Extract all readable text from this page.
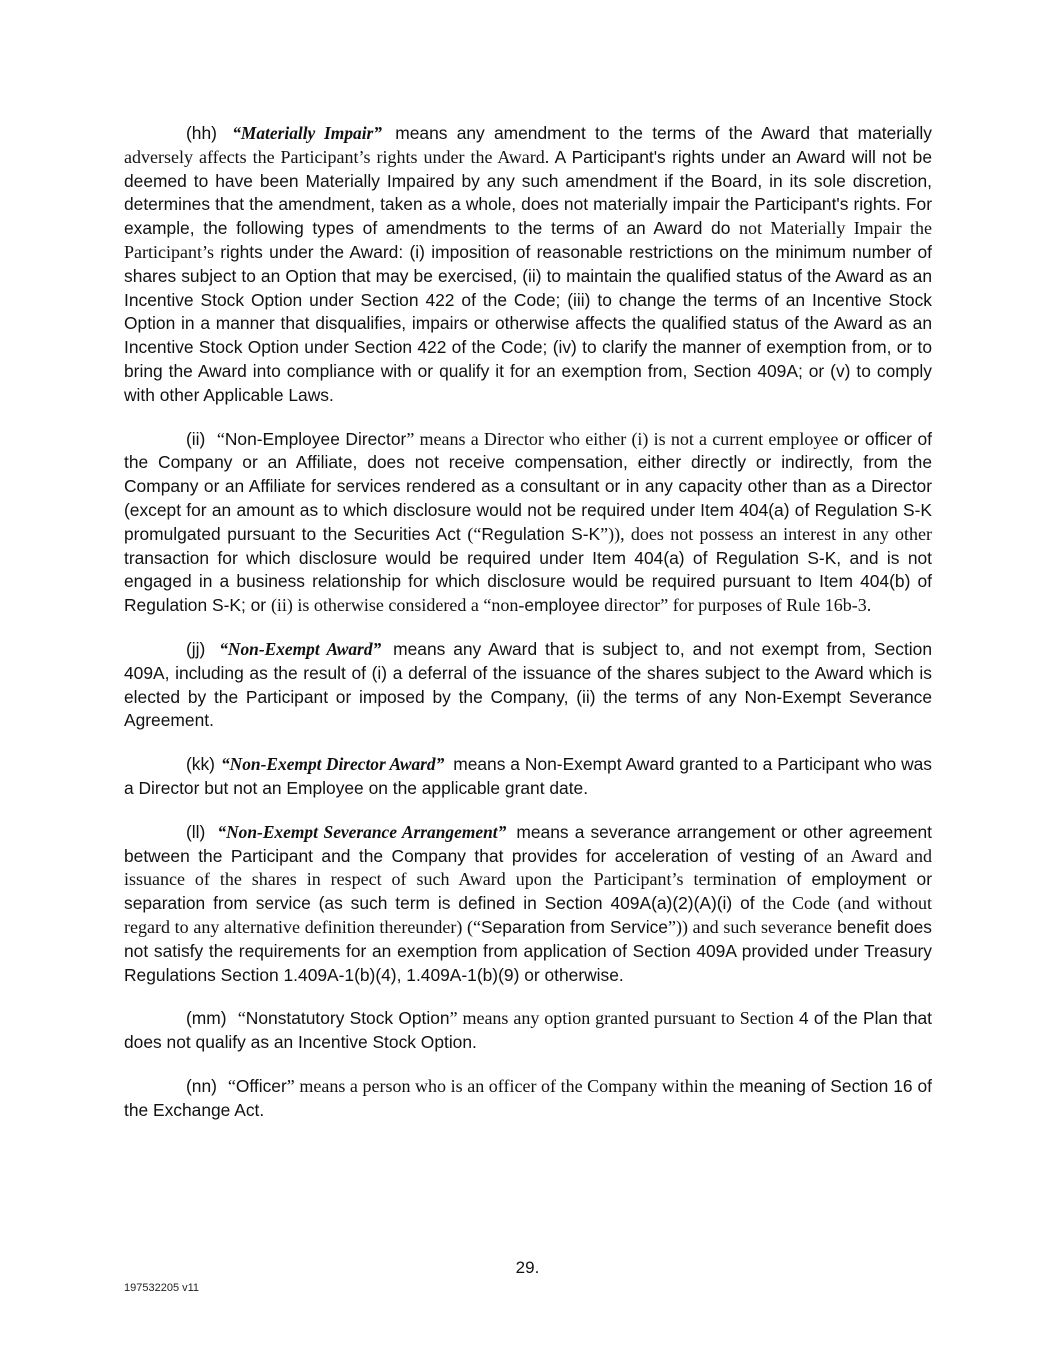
(hh) “Materially Impair” means any amendment to the terms of the Award that materially adversely affects the Participant’s rights under the Award. A Participant's rights under an Award will not be deemed to have been Materially Impaired by any such amendment if the Board, in its sole discretion, determines that the amendment, taken as a whole, does not materially impair the Participant's rights. For example, the following types of amendments to the terms of an Award do not Materially Impair the Participant’s rights under the Award: (i) imposition of reasonable restrictions on the minimum number of shares subject to an Option that may be exercised, (ii) to maintain the qualified status of the Award as an Incentive Stock Option under Section 422 of the Code; (iii) to change the terms of an Incentive Stock Option in a manner that disqualifies, impairs or otherwise affects the qualified status of the Award as an Incentive Stock Option under Section 422 of the Code; (iv) to clarify the manner of exemption from, or to bring the Award into compliance with or qualify it for an exemption from, Section 409A; or (v) to comply with other Applicable Laws.

(ii) “Non-Employee Director” means a Director who either (i) is not a current employee or officer of the Company or an Affiliate, does not receive compensation, either directly or indirectly, from the Company or an Affiliate for services rendered as a consultant or in any capacity other than as a Director (except for an amount as to which disclosure would not be required under Item 404(a) of Regulation S-K promulgated pursuant to the Securities Act (“Regulation S-K”)), does not possess an interest in any other transaction for which disclosure would be required under Item 404(a) of Regulation S-K, and is not engaged in a business relationship for which disclosure would be required pursuant to Item 404(b) of Regulation S-K; or (ii) is otherwise considered a “non-employee director” for purposes of Rule 16b-3.

(jj) “Non-Exempt Award” means any Award that is subject to, and not exempt from, Section 409A, including as the result of (i) a deferral of the issuance of the shares subject to the Award which is elected by the Participant or imposed by the Company, (ii) the terms of any Non-Exempt Severance Agreement.

(kk) “Non-Exempt Director Award” means a Non-Exempt Award granted to a Participant who was a Director but not an Employee on the applicable grant date.

(ll) “Non-Exempt Severance Arrangement” means a severance arrangement or other agreement between the Participant and the Company that provides for acceleration of vesting of an Award and issuance of the shares in respect of such Award upon the Participant’s termination of employment or separation from service (as such term is defined in Section 409A(a)(2)(A)(i) of the Code (and without regard to any alternative definition thereunder) (“Separation from Service”)) and such severance benefit does not satisfy the requirements for an exemption from application of Section 409A provided under Treasury Regulations Section 1.409A-1(b)(4), 1.409A-1(b)(9) or otherwise.

(mm) “Nonstatutory Stock Option” means any option granted pursuant to Section 4 of the Plan that does not qualify as an Incentive Stock Option.

(nn) “Officer” means a person who is an officer of the Company within the meaning of Section 16 of the Exchange Act.

29.
197532205 v11
